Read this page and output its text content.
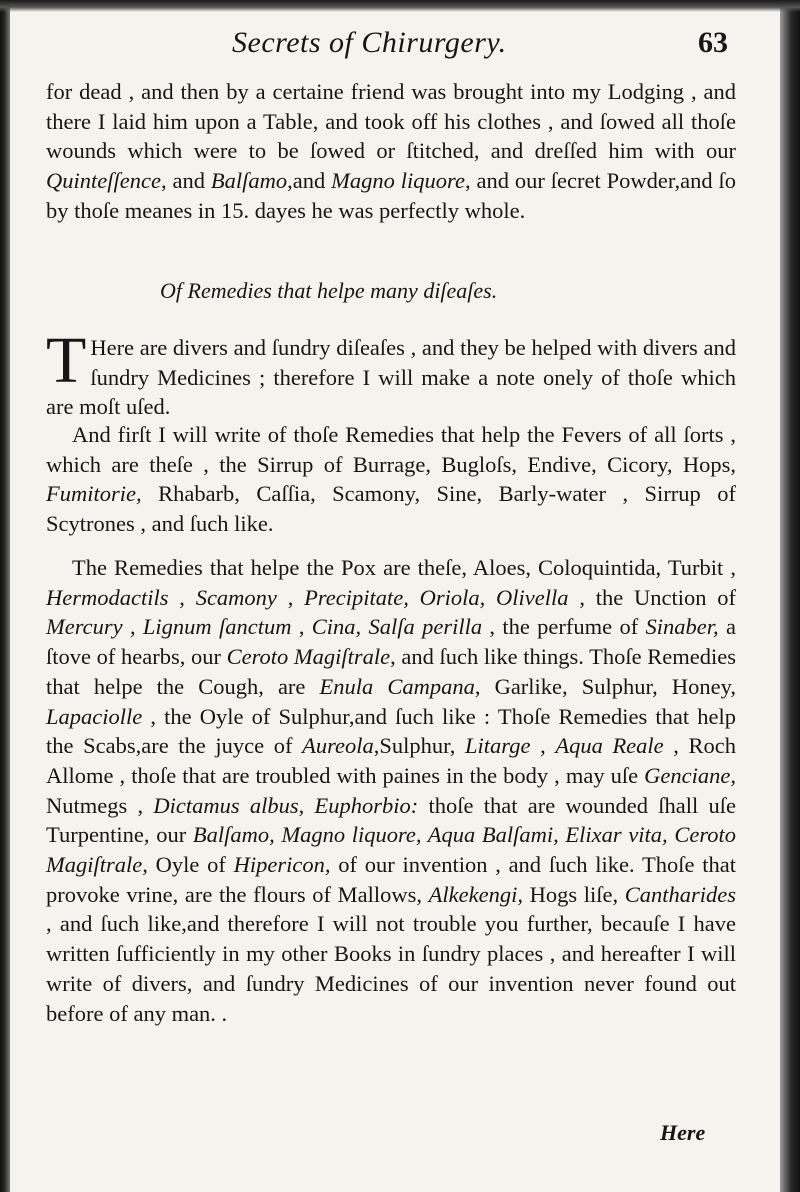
Secrets of Chirurgery.	63

for dead , and then by a certaine friend was brought into my Lodging , and there I laid him upon a Table, and took off his clothes , and ſowed all thoſe wounds which were to be ſowed or ſtitched, and dreſſed him with our Quinteſſence, and Balſamo,and Magno liquore, and our ſecret Powder,and ſo by thoſe meanes in 15. dayes he was perfectly whole.

Of Remedies that helpe many diſeaſes.

T Here are divers and ſundry diſeaſes , and they be helped with divers and ſundry Medicines ; therefore I will make a note onely of thoſe which are moſt uſed.

And firſt I will write of thoſe Remedies that help the Fevers of all ſorts , which are theſe , the Sirrup of Burrage, Bugloſs, Endive, Cicory, Hops, Fumitorie, Rhabarb, Caſſia, Scamony, Sine, Barly-water , Sirrup of Scytrones , and ſuch like.

The Remedies that helpe the Pox are theſe, Aloes, Coloquintida, Turbit , Hermodactils , Scamony , Precipitate, Oriola, Olivella , the Unction of Mercury , Lignum ſanctum , Cina, Salſa perilla , the perfume of Sinaber, a ſtove of hearbs, our Ceroto Magiſtrale, and ſuch like things. Thoſe Remedies that helpe the Cough, are Enula Campana, Garlike, Sulphur, Honey, Lapaciolle , the Oyle of Sulphur,and ſuch like : Thoſe Remedies that help the Scabs,are the juyce of Aureola,Sulphur, Litarge , Aqua Reale , Roch Allome , thoſe that are troubled with paines in the body , may uſe Genciane, Nutmegs , Dictamus albus, Euphorbio: thoſe that are wounded ſhall uſe Turpentine, our Balſamo, Magno liquore, Aqua Balſami, Elixar vita, Ceroto Magiſtrale, Oyle of Hipericon, of our invention , and ſuch like. Thoſe that provoke vrine, are the flours of Mallows, Alkekengi, Hogs liſe, Cantharides , and ſuch like,and therefore I will not trouble you further, becauſe I have written ſufficiently in my other Books in ſundry places , and hereafter I will write of divers, and ſundry Medicines of our invention never found out before of any man. .

Here
